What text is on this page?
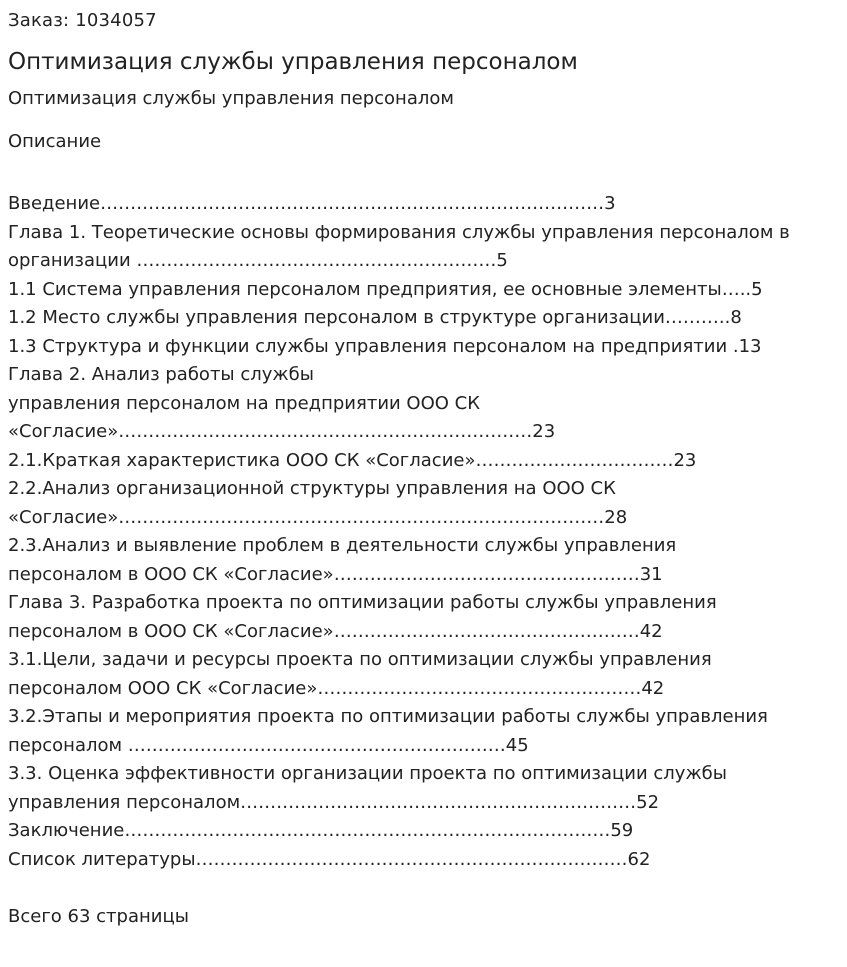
Заказ: 1034057
Оптимизация службы управления персоналом
Оптимизация службы управления персоналом
Описание
Введение…………………………………………………………………………3
Глава 1. Теоретические основы формирования службы управления персоналом в
организации ……………………………………………………5
1.1 Система управления персоналом предприятия, ее основные элементы…..5
1.2 Место службы управления персоналом в структуре организации………..8
1.3 Структура и функции службы управления персоналом на предприятии .13
Глава 2. Анализ работы службы
управления персоналом на предприятии ООО СК
«Согласие»……………………………………………………………23
2.1.Краткая характеристика ООО СК «Согласие»……………………………23
2.2.Анализ организационной структуры управления на ООО СК
«Согласие»………………………………………………………………………28
2.3.Анализ и выявление проблем в деятельности службы управления
персоналом в ООО СК «Согласие»……………………………………………31
Глава 3. Разработка проекта по оптимизации работы службы управления
персоналом в ООО СК «Согласие»……………………………………………42
3.1.Цели, задачи и ресурсы проекта по оптимизации службы управления
персоналом ООО СК «Согласие»………………………………………………42
3.2.Этапы и мероприятия проекта по оптимизации работы службы управления
персоналом ………………………………………………………45
3.3. Оценка эффективности организации проекта по оптимизации службы
управления персоналом…………………………………………………………52
Заключение………………………………………………………………………59
Список литературы………………………………………………………………62
Всего 63 страницы
